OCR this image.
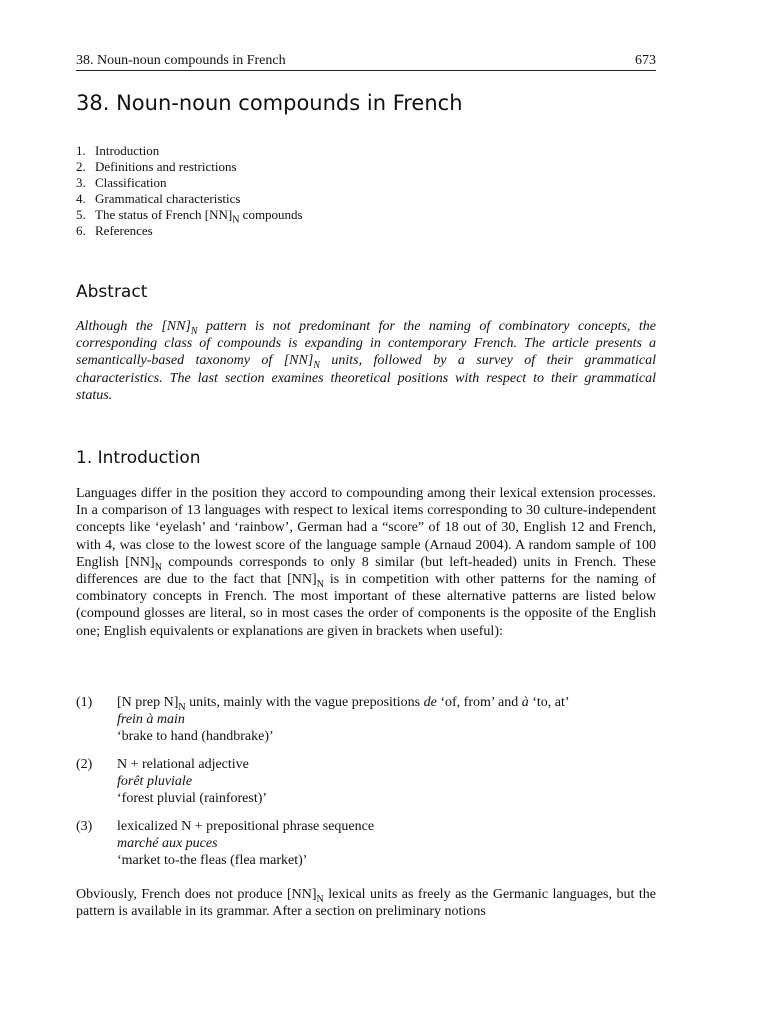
38. Noun-noun compounds in French	673
38. Noun-noun compounds in French
1. Introduction
2. Definitions and restrictions
3. Classification
4. Grammatical characteristics
5. The status of French $[NN]_N$ compounds
6. References
Abstract

Although the $[NN]_N$ pattern is not predominant for the naming of combinatory concepts, the corresponding class of compounds is expanding in contemporary French. The article presents a semantically-based taxonomy of $[NN]_N$ units, followed by a survey of their grammatical characteristics. The last section examines theoretical positions with respect to their grammatical status.

1. Introduction

Languages differ in the position they accord to compounding among their lexical extension processes. In a comparison of 13 languages with respect to lexical items corresponding to 30 culture-independent concepts like ‘eyelash’ and ‘rainbow’, German had a “score” of 18 out of 30, English 12 and French, with 4, was close to the lowest score of the language sample (Arnaud 2004). A random sample of 100 English $[NN]_N$ compounds corresponds to only 8 similar (but left-headed) units in French. These differences are due to the fact that $[NN]_N$ is in competition with other patterns for the naming of combinatory concepts in French. The most important of these alternative patterns are listed below (compound glosses are literal, so in most cases the order of components is the opposite of the English one; English equivalents or explanations are given in brackets when useful):

(1) [N prep $N]_N$ units, mainly with the vague prepositions de ‘of, from’ and à ‘to, at’
frein à main
‘brake to hand (handbrake)’
(2) N + relational adjective
forêt pluviale
‘forest pluvial (rainforest)’
(3) lexicalized N + prepositional phrase sequence
marché aux puces
‘market to-the fleas (flea market)’

Obviously, French does not produce $[NN]_N$ lexical units as freely as the Germanic languages, but the pattern is available in its grammar. After a section on preliminary notions
